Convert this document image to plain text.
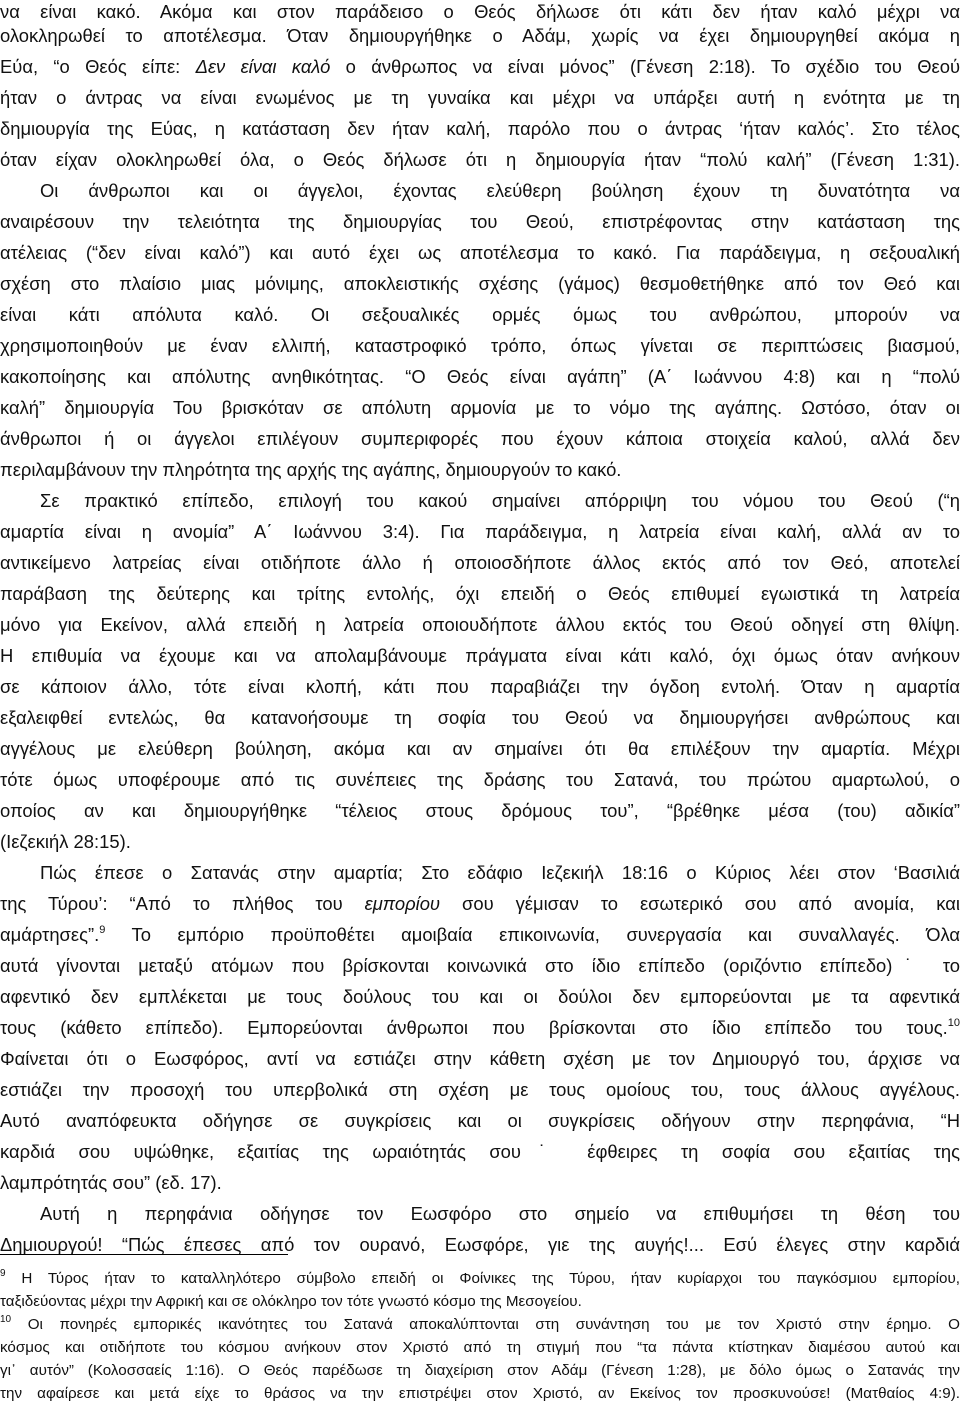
να είναι κακό. Ακόμα και στον παράδεισο ο Θεός δήλωσε ότι κάτι δεν ήταν καλό μέχρι να
ολοκληρωθεί το αποτέλεσμα. Όταν δημιουργήθηκε ο Αδάμ, χωρίς να έχει δημιουργηθεί ακόμα η
Εύα, “ο Θεός είπε: Δεν είναι καλό ο άνθρωπος να είναι μόνος” (Γένεση 2:18). Το σχέδιο του Θεού
ήταν ο άντρας να είναι ενωμένος με τη γυναίκα και μέχρι να υπάρξει αυτή η ενότητα με τη
δημιουργία της Εύας, η κατάσταση δεν ήταν καλή, παρόλο που ο άντρας ‘ήταν καλός’. Στο τέλος
όταν είχαν ολοκληρωθεί όλα, ο Θεός δήλωσε ότι η δημιουργία ήταν “πολύ καλή” (Γένεση 1:31).
Οι άνθρωποι και οι άγγελοι, έχοντας ελεύθερη βούληση έχουν τη δυνατότητα να
αναιρέσουν την τελειότητα της δημιουργίας του Θεού, επιστρέφοντας στην κατάσταση της
ατέλειας (“δεν είναι καλό”) και αυτό έχει ως αποτέλεσμα το κακό. Για παράδειγμα, η σεξουαλική
σχέση στο πλαίσιο μιας μόνιμης, αποκλειστικής σχέσης (γάμος) θεσμοθετήθηκε από τον Θεό και
είναι κάτι απόλυτα καλό. Οι σεξουαλικές ορμές όμως του ανθρώπου, μπορούν να
χρησιμοποιηθούν με έναν ελλιπή, καταστροφικό τρόπο, όπως γίνεται σε περιπτώσεις βιασμού,
κακοποίησης και απόλυτης ανηθικότητας. “Ο Θεός είναι αγάπη” (Α΄ Ιωάννου 4:8) και η “πολύ
καλή” δημιουργία Του βρισκόταν σε απόλυτη αρμονία με το νόμο της αγάπης. Ωστόσο, όταν οι
άνθρωποι ή οι άγγελοι επιλέγουν συμπεριφορές που έχουν κάποια στοιχεία καλού, αλλά δεν
περιλαμβάνουν την πληρότητα της αρχής της αγάπης, δημιουργούν το κακό.
Σε πρακτικό επίπεδο, επιλογή του κακού σημαίνει απόρριψη του νόμου του Θεού (“η
αμαρτία είναι η ανομία” Α΄ Ιωάννου 3:4). Για παράδειγμα, η λατρεία είναι καλή, αλλά αν το
αντικείμενο λατρείας είναι οτιδήποτε άλλο ή οποιοσδήποτε άλλος εκτός από τον Θεό, αποτελεί
παράβαση της δεύτερης και τρίτης εντολής, όχι επειδή ο Θεός επιθυμεί εγωιστικά τη λατρεία
μόνο για Εκείνον, αλλά επειδή η λατρεία οποιουδήποτε άλλου εκτός του Θεού οδηγεί στη θλίψη.
Η επιθυμία να έχουμε και να απολαμβάνουμε πράγματα είναι κάτι καλό, όχι όμως όταν ανήκουν
σε κάποιον άλλο, τότε είναι κλοπή, κάτι που παραβιάζει την όγδοη εντολή. Όταν η αμαρτία
εξαλειφθεί εντελώς, θα κατανοήσουμε τη σοφία του Θεού να δημιουργήσει ανθρώπους και
αγγέλους με ελεύθερη βούληση, ακόμα και αν σημαίνει ότι θα επιλέξουν την αμαρτία. Μέχρι
τότε όμως υποφέρουμε από τις συνέπειες της δράσης του Σατανά, του πρώτου αμαρτωλού, ο
οποίος αν και δημιουργήθηκε “τέλειος στους δρόμους του”, “βρέθηκε μέσα (του) αδικία”
(Ιεζεκιήλ 28:15).
Πώς έπεσε ο Σατανάς στην αμαρτία; Στο εδάφιο Ιεζεκιήλ 18:16 ο Κύριος λέει στον ‘Βασιλιά
της Τύρου’: “Από το πλήθος του εμπορίου σου γέμισαν το εσωτερικό σου από ανομία, και
αμάρτησες”.$^9$ Το εμπόριο προϋποθέτει αμοιβαία επικοινωνία, συνεργασία και συναλλαγές. Όλα
αυτά γίνονται μεταξύ ατόμων που βρίσκονται κοινωνικά στο ίδιο επίπεδο (οριζόντιο επίπεδο)˙ το
αφεντικό δεν εμπλέκεται με τους δούλους του και οι δούλοι δεν εμπορεύονται με τα αφεντικά
τους (κάθετο επίπεδο). Εμπορεύονται άνθρωποι που βρίσκονται στο ίδιο επίπεδο του τους.$^{10}$
Φαίνεται ότι ο Εωσφόρος, αντί να εστιάζει στην κάθετη σχέση με τον Δημιουργό του, άρχισε να
εστιάζει την προσοχή του υπερβολικά στη σχέση με τους ομοίους του, τους άλλους αγγέλους.
Αυτό αναπόφευκτα οδήγησε σε συγκρίσεις και οι συγκρίσεις οδήγουν στην περηφάνια, “Η
καρδιά σου υψώθηκε, εξαιτίας της ωραιότητάς σου˙ έφθειρες τη σοφία σου εξαιτίας της
λαμπρότητάς σου” (εδ. 17).
Αυτή η περηφάνια οδήγησε τον Εωσφόρο στο σημείο να επιθυμήσει τη θέση του
Δημιουργού! “Πώς έπεσες από τον ουρανό, Εωσφόρε, γιε της αυγής!... Εσύ έλεγες στην καρδιά
$^9$ Η Τύρος ήταν το καταλληλότερο σύμβολο επειδή οι Φοίνικες της Τύρου, ήταν κυρίαρχοι του παγκόσμιου εμπορίου,
ταξιδεύοντας μέχρι την Αφρική και σε ολόκληρο τον τότε γνωστό κόσμο της Μεσογείου.
$^{10}$ Οι πονηρές εμπορικές ικανότητες του Σατανά αποκαλύπτονται στη συνάντηση του με τον Χριστό στην έρημο. Ο
κόσμος και οτιδήποτε του κόσμου ανήκουν στον Χριστό από τη στιγμή που “τα πάντα κτίστηκαν διαμέσου αυτού και
γι᾽ αυτόν” (Κολοσσαείς 1:16). Ο Θεός παρέδωσε τη διαχείριση στον Αδάμ (Γένεση 1:28), με δόλο όμως ο Σατανάς την
την αφαίρεσε και μετά είχε το θράσος να την επιστρέψει στον Χριστό, αν Εκείνος τον προσκυνούσε! (Ματθαίος 4:9).
